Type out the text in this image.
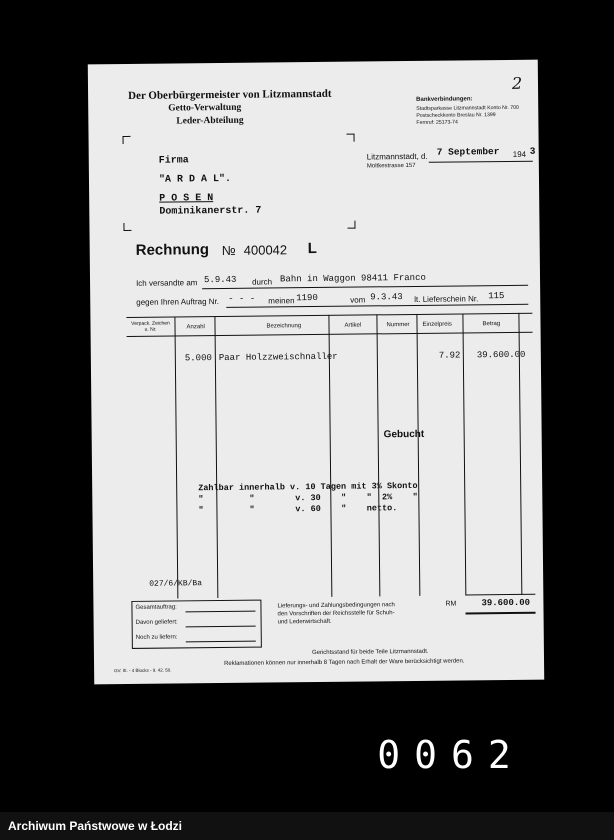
Der Oberbürgermeister von Litzmannstadt
Getto-Verwaltung
Leder-Abteilung
2
Bankverbindungen:
Stadtsparkasse Litzmannstadt Konto Nr. 700
Postscheckkonto Breslau Nr. 1399
Fernruf: 25173-74
Firma
"A R D A L".
P O S E N
Dominikanerstr. 7
Litzmannstadt, d. 7 September 194 3
Moltkestrasse 157
Rechnung № 400042 L
Ich versandte am 5.9.43 durch Bahn in Waggon 98411 Franco
gegen Ihren Auftrag Nr. - - - meinen 1190	vom 9.3.43 lt. Lieferschein Nr. 115
Verpack. Zeichen u. Nr.	Anzahl	Bezeichnung	Artikel	Nummer Einzelpreis	Betrag
5.000 Paar Holzzweischnaller	7.92 39.600.00
Gebucht
Zahlbar innerhalb v. 10 Tagen mit 3% Skonto
"         "        v. 30    "    "  2%    "
"         "        v. 60    "    netto.
027/6/KB/Ba
RM	39.600.00
Gesamtauftrag:
Davon geliefert:
Noch zu liefern:
Lieferungs- und Zahlungsbedingungen nach
den Vorschriften der Reichsstelle für Schuh-
und Lederwirtschaft.
Gerichtsstand für beide Teile Litzmannstadt.
GV. III. - 4 Blocks - 9. 42. 50.
Reklamationen können nur innerhalb 8 Tagen nach Erhalt der Ware berücksichtigt werden.
0062
Archiwum Państwowe w Łodzi
